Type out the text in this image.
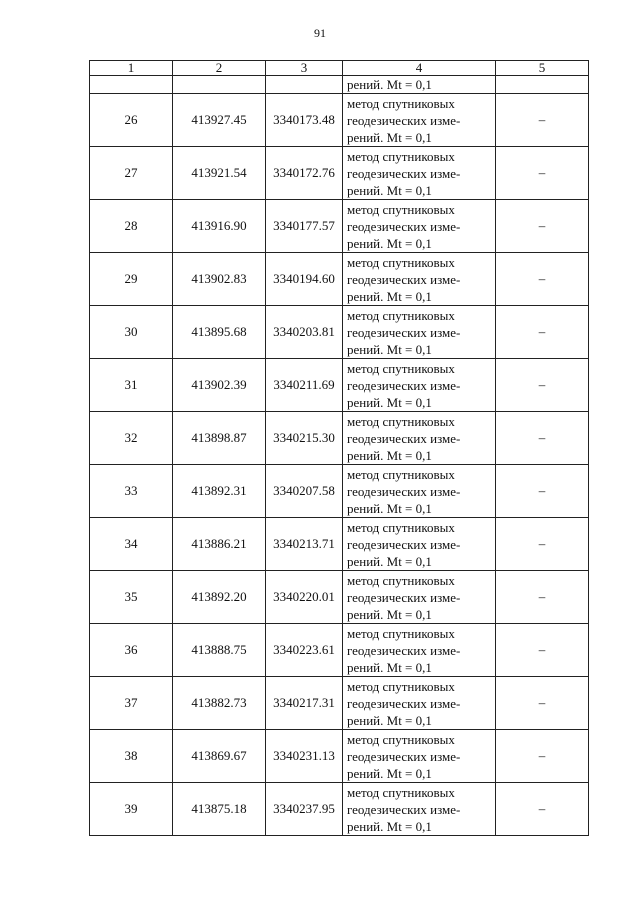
91
1	2	3	4	5
			рений. Mt = 0,1	
26	413927.45	3340173.48	метод спутниковых
геодезических изме-
рений. Mt = 0,1	–
27	413921.54	3340172.76	метод спутниковых
геодезических изме-
рений. Mt = 0,1	–
28	413916.90	3340177.57	метод спутниковых
геодезических изме-
рений. Mt = 0,1	–
29	413902.83	3340194.60	метод спутниковых
геодезических изме-
рений. Mt = 0,1	–
30	413895.68	3340203.81	метод спутниковых
геодезических изме-
рений. Mt = 0,1	–
31	413902.39	3340211.69	метод спутниковых
геодезических изме-
рений. Mt = 0,1	–
32	413898.87	3340215.30	метод спутниковых
геодезических изме-
рений. Mt = 0,1	–
33	413892.31	3340207.58	метод спутниковых
геодезических изме-
рений. Mt = 0,1	–
34	413886.21	3340213.71	метод спутниковых
геодезических изме-
рений. Mt = 0,1	–
35	413892.20	3340220.01	метод спутниковых
геодезических изме-
рений. Mt = 0,1	–
36	413888.75	3340223.61	метод спутниковых
геодезических изме-
рений. Mt = 0,1	–
37	413882.73	3340217.31	метод спутниковых
геодезических изме-
рений. Mt = 0,1	–
38	413869.67	3340231.13	метод спутниковых
геодезических изме-
рений. Mt = 0,1	–
39	413875.18	3340237.95	метод спутниковых
геодезических изме-
рений. Mt = 0,1	–
